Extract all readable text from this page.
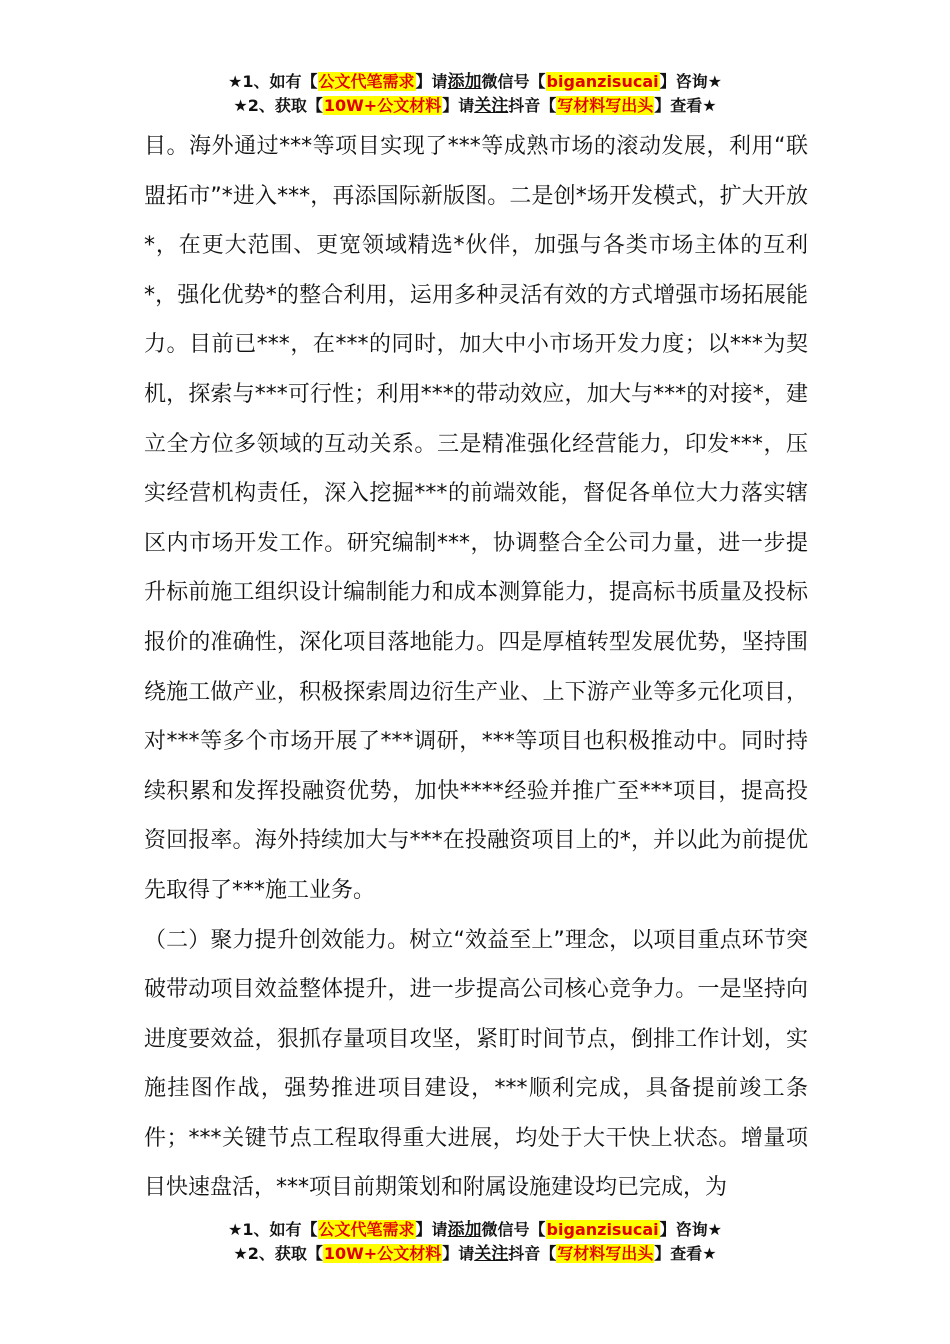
★1、如有【公文代笔需求】请添加微信号【biganzisucai】咨询★
★2、获取【10W+公文材料】请关注抖音【写材料写出头】查看★

目。海外通过***等项目实现了***等成熟市场的滚动发展，利用“联盟拓市”*进入***，再添国际新版图。二是创*场开发模式，扩大开放*，在更大范围、更宽领域精选*伙伴，加强与各类市场主体的互利*，强化优势*的整合利用，运用多种灵活有效的方式增强市场拓展能力。目前已***，在***的同时，加大中小市场开发力度；以***为契机，探索与***可行性；利用***的带动效应，加大与***的对接*，建立全方位多领域的互动关系。三是精准强化经营能力，印发***，压实经营机构责任，深入挖掘***的前端效能，督促各单位大力落实辖区内市场开发工作。研究编制***，协调整合全公司力量，进一步提升标前施工组织设计编制能力和成本测算能力，提高标书质量及投标报价的准确性，深化项目落地能力。四是厚植转型发展优势，坚持围绕施工做产业，积极探索周边衍生产业、上下游产业等多元化项目，对***等多个市场开展了***调研，***等项目也积极推动中。同时持续积累和发挥投融资优势，加快****经验并推广至***项目，提高投资回报率。海外持续加大与***在投融资项目上的*，并以此为前提优先取得了***施工业务。

（二）聚力提升创效能力。树立“效益至上”理念，以项目重点环节突破带动项目效益整体提升，进一步提高公司核心竞争力。一是坚持向进度要效益，狠抓存量项目攻坚，紧盯时间节点，倒排工作计划，实施挂图作战，强势推进项目建设，***顺利完成，具备提前竣工条件；***关键节点工程取得重大进展，均处于大干快上状态。增量项目快速盘活，***项目前期策划和附属设施建设均已完成，为

★1、如有【公文代笔需求】请添加微信号【biganzisucai】咨询★
★2、获取【10W+公文材料】请关注抖音【写材料写出头】查看★
